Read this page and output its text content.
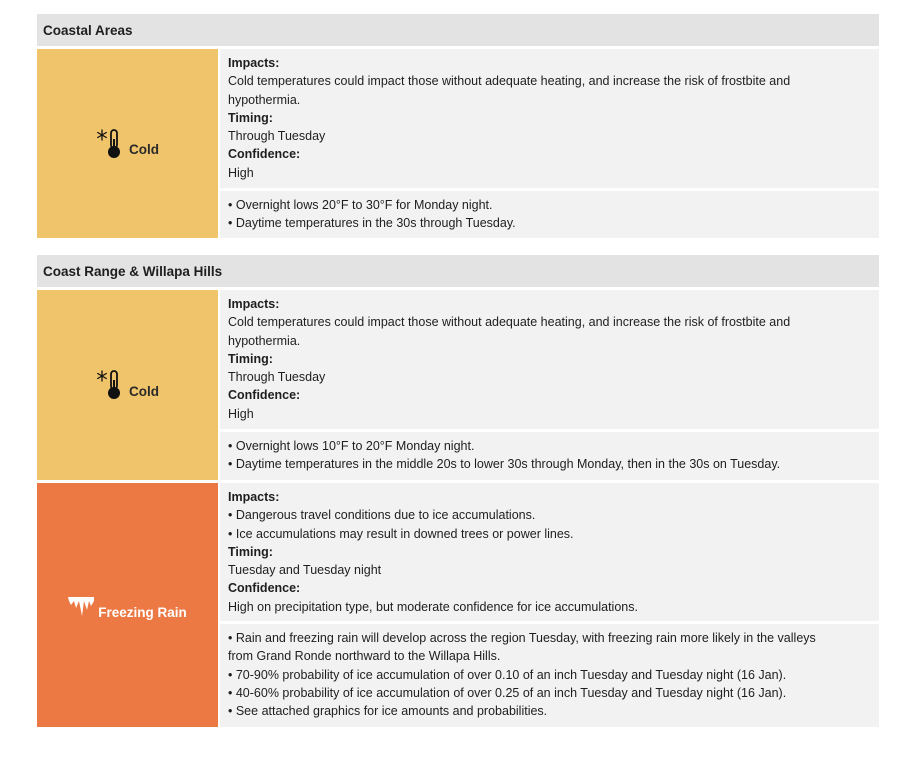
Coastal Areas
Cold
Impacts:
Cold temperatures could impact those without adequate heating, and increase the risk of frostbite and
hypothermia.
Timing:
Through Tuesday
Confidence:
High
• Overnight lows 20°F to 30°F for Monday night.
• Daytime temperatures in the 30s through Tuesday.
Coast Range & Willapa Hills
Cold
Impacts:
Cold temperatures could impact those without adequate heating, and increase the risk of frostbite and
hypothermia.
Timing:
Through Tuesday
Confidence:
High
• Overnight lows 10°F to 20°F Monday night.
• Daytime temperatures in the middle 20s to lower 30s through Monday, then in the 30s on Tuesday.
Freezing Rain
Impacts:
• Dangerous travel conditions due to ice accumulations.
• Ice accumulations may result in downed trees or power lines.
Timing:
Tuesday and Tuesday night
Confidence:
High on precipitation type, but moderate confidence for ice accumulations.
• Rain and freezing rain will develop across the region Tuesday, with freezing rain more likely in the valleys
from Grand Ronde northward to the Willapa Hills.
• 70-90% probability of ice accumulation of over 0.10 of an inch Tuesday and Tuesday night (16 Jan).
• 40-60% probability of ice accumulation of over 0.25 of an inch Tuesday and Tuesday night (16 Jan).
• See attached graphics for ice amounts and probabilities.
